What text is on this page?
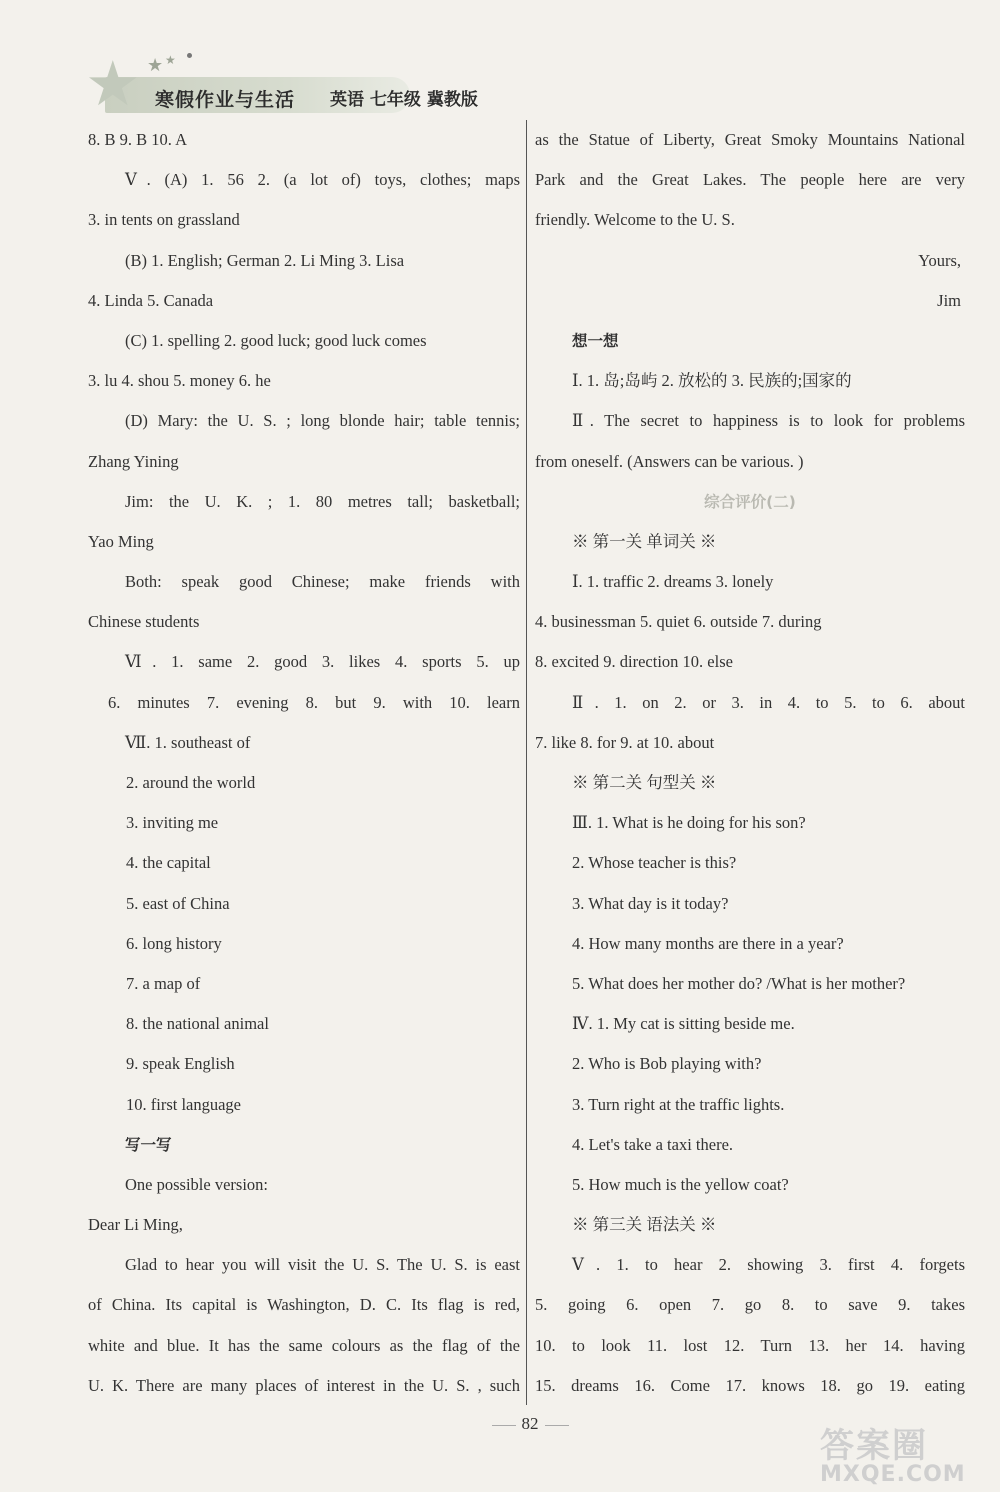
★ ★ ★
寒假作业与生活 英语 七年级 冀教版
8. B 9. B 10. A
Ⅴ. (A) 1. 56 2. (a lot of) toys, clothes; maps
3. in tents on grassland
(B) 1. English; German 2. Li Ming 3. Lisa
4. Linda 5. Canada
(C) 1. spelling 2. good luck; good luck comes
3. lu 4. shou 5. money 6. he
(D) Mary: the U. S. ; long blonde hair; table tennis;
Zhang Yining
Jim: the U. K. ; 1. 80 metres tall; basketball;
Yao Ming
Both: speak good Chinese; make friends with
Chinese students
Ⅵ. 1. same 2. good 3. likes 4. sports 5. up
6. minutes 7. evening 8. but 9. with 10. learn
Ⅶ. 1. southeast of
2. around the world
3. inviting me
4. the capital
5. east of China
6. long history
7. a map of
8. the national animal
9. speak English
10. first language
写一写
One possible version:
Dear Li Ming,
Glad to hear you will visit the U. S. The U. S. is east
of China. Its capital is Washington, D. C. Its flag is red,
white and blue. It has the same colours as the flag of the
U. K. There are many places of interest in the U. S. , such
as the Statue of Liberty, Great Smoky Mountains National
Park and the Great Lakes. The people here are very
friendly. Welcome to the U. S.
Yours,
Jim
想一想
Ⅰ. 1. 岛;岛屿 2. 放松的 3. 民族的;国家的
Ⅱ. The secret to happiness is to look for problems
from oneself. (Answers can be various. )
综合评价(二)
※ 第一关 单词关 ※
Ⅰ. 1. traffic 2. dreams 3. lonely
4. businessman 5. quiet 6. outside 7. during
8. excited 9. direction 10. else
Ⅱ. 1. on 2. or 3. in 4. to 5. to 6. about
7. like 8. for 9. at 10. about
※ 第二关 句型关 ※
Ⅲ. 1. What is he doing for his son?
2. Whose teacher is this?
3. What day is it today?
4. How many months are there in a year?
5. What does her mother do? /What is her mother?
Ⅳ. 1. My cat is sitting beside me.
2. Who is Bob playing with?
3. Turn right at the traffic lights.
4. Let's take a taxi there.
5. How much is the yellow coat?
※ 第三关 语法关 ※
Ⅴ. 1. to hear 2. showing 3. first 4. forgets
5. going 6. open 7. go 8. to save 9. takes
10. to look 11. lost 12. Turn 13. her 14. having
15. dreams 16. Come 17. knows 18. go 19. eating
82
答案圈
MXQE.COM
